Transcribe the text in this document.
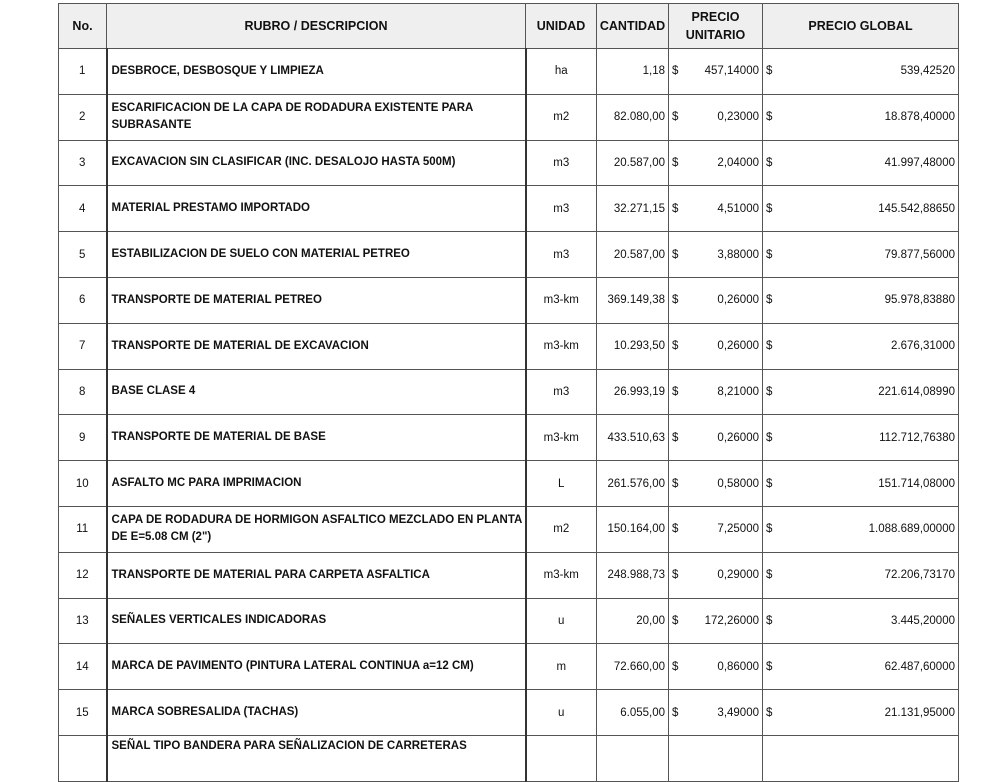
No.	RUBRO / DESCRIPCION	UNIDAD	CANTIDAD	PRECIO
UNITARIO	PRECIO GLOBAL
1	DESBROCE, DESBOSQUE Y LIMPIEZA	ha	1,18	$ 457,14000	$ 539,42520

2	ESCARIFICACION DE LA CAPA DE RODADURA EXISTENTE PARA SUBRASANTE	m2	82.080,00	$ 0,23000	$ 18.878,40000

3	EXCAVACION SIN CLASIFICAR (INC. DESALOJO HASTA 500M)	m3	20.587,00	$ 2,04000	$ 41.997,48000

4	MATERIAL PRESTAMO IMPORTADO	m3	32.271,15	$ 4,51000	$ 145.542,88650

5	ESTABILIZACION DE SUELO CON MATERIAL PETREO	m3	20.587,00	$ 3,88000	$ 79.877,56000

6	TRANSPORTE DE MATERIAL PETREO	m3-km	369.149,38	$ 0,26000	$ 95.978,83880

7	TRANSPORTE DE MATERIAL DE EXCAVACION	m3-km	10.293,50	$ 0,26000	$ 2.676,31000

8	BASE CLASE 4	m3	26.993,19	$ 8,21000	$ 221.614,08990

9	TRANSPORTE DE MATERIAL DE BASE	m3-km	433.510,63	$ 0,26000	$ 112.712,76380

10	ASFALTO MC PARA IMPRIMACION	L	261.576,00	$ 0,58000	$ 151.714,08000

11	CAPA DE RODADURA DE HORMIGON ASFALTICO MEZCLADO EN PLANTA DE E=5.08 CM (2")	m2	150.164,00	$ 7,25000	$ 1.088.689,00000

12	TRANSPORTE DE MATERIAL PARA CARPETA ASFALTICA	m3-km	248.988,73	$ 0,29000	$ 72.206,73170

13	SEÑALES VERTICALES INDICADORAS	u	20,00	$ 172,26000	$ 3.445,20000

14	MARCA DE PAVIMENTO (PINTURA LATERAL CONTINUA a=12 CM)	m	72.660,00	$ 0,86000	$ 62.487,60000

15	MARCA SOBRESALIDA (TACHAS)	u	6.055,00	$ 3,49000	$ 21.131,95000

	SEÑAL TIPO BANDERA PARA SEÑALIZACION DE CARRETERAS				
